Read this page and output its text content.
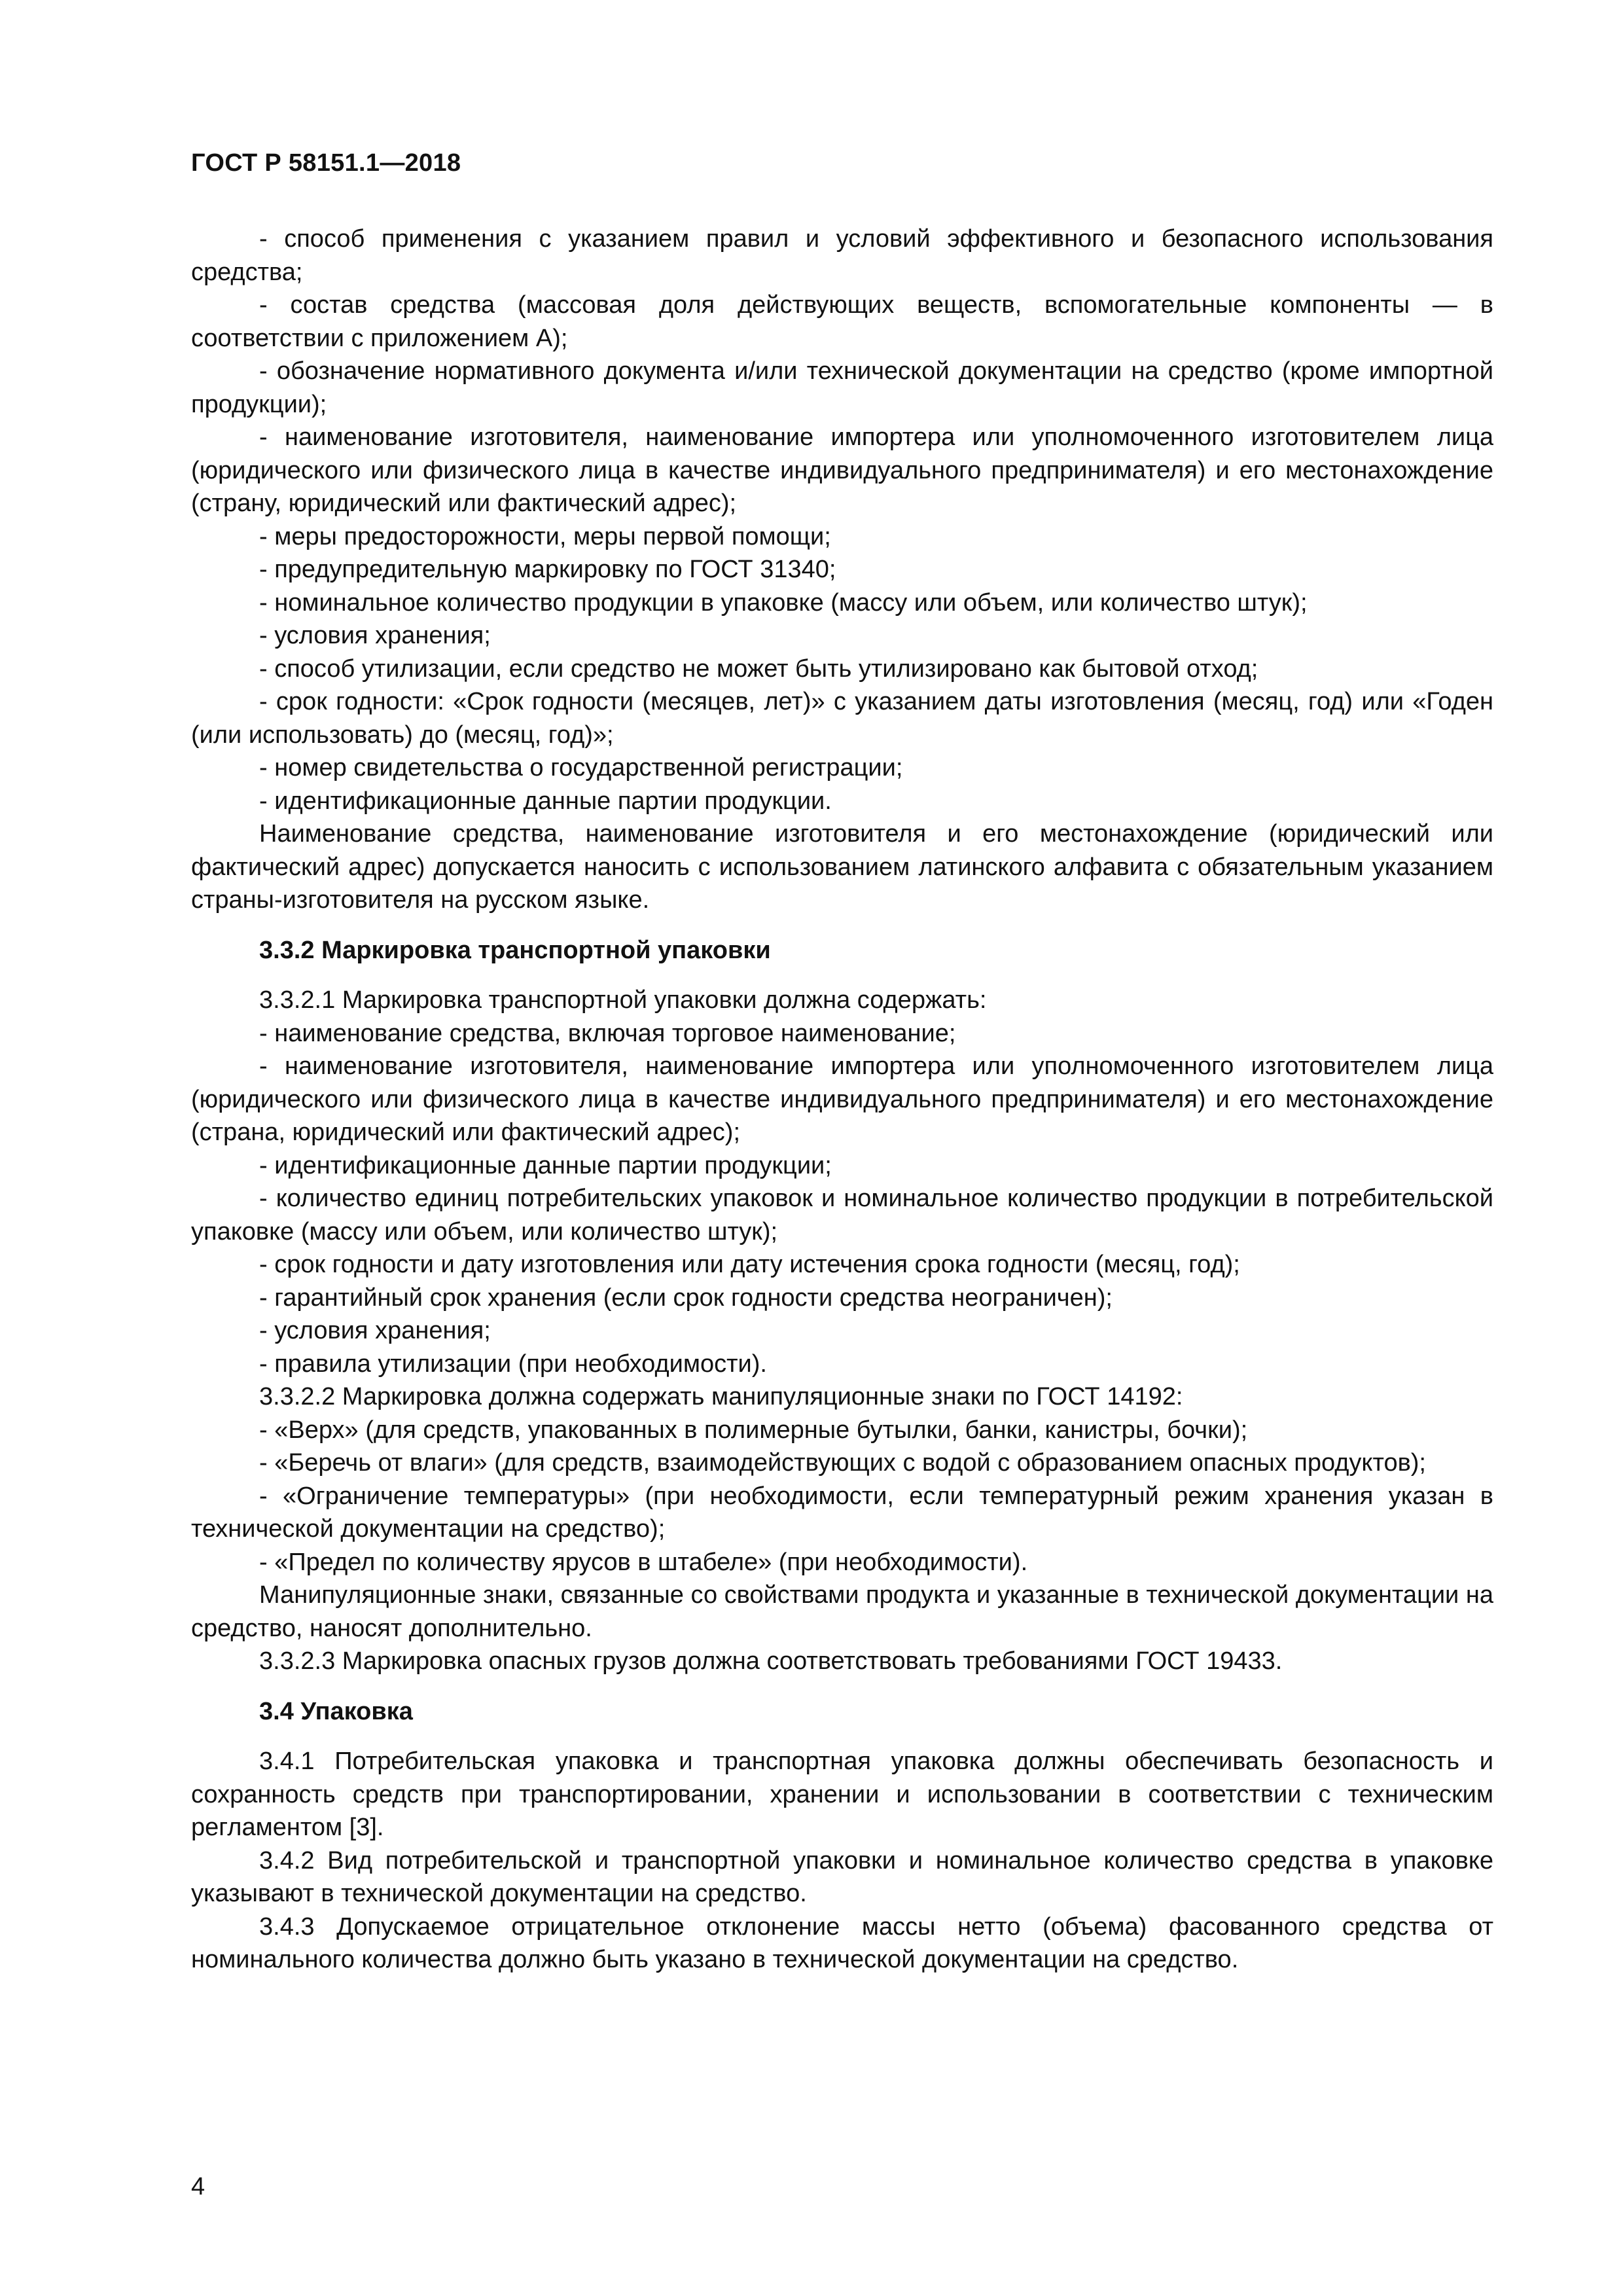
ГОСТ Р 58151.1—2018

- способ применения с указанием правил и условий эффективного и безопасного использования средства;

- состав средства (массовая доля действующих веществ, вспомогательные компоненты — в соответствии с приложением А);

- обозначение нормативного документа и/или технической документации на средство (кроме импортной продукции);

- наименование изготовителя, наименование импортера или уполномоченного изготовителем лица (юридического или физического лица в качестве индивидуального предпринимателя) и его местонахождение (страну, юридический или фактический адрес);

- меры предосторожности, меры первой помощи;

- предупредительную маркировку по ГОСТ 31340;

- номинальное количество продукции в упаковке (массу или объем, или количество штук);

- условия хранения;

- способ утилизации, если средство не может быть утилизировано как бытовой отход;

- срок годности: «Срок годности (месяцев, лет)» с указанием даты изготовления (месяц, год) или «Годен (или использовать) до (месяц, год)»;

- номер свидетельства о государственной регистрации;

- идентификационные данные партии продукции.

Наименование средства, наименование изготовителя и его местонахождение (юридический или фактический адрес) допускается наносить с использованием латинского алфавита с обязательным указанием страны-изготовителя на русском языке.

3.3.2 Маркировка транспортной упаковки

3.3.2.1 Маркировка транспортной упаковки должна содержать:

- наименование средства, включая торговое наименование;

- наименование изготовителя, наименование импортера или уполномоченного изготовителем лица (юридического или физического лица в качестве индивидуального предпринимателя) и его местонахождение (страна, юридический или фактический адрес);

- идентификационные данные партии продукции;

- количество единиц потребительских упаковок и номинальное количество продукции в потребительской упаковке (массу или объем, или количество штук);

- срок годности и дату изготовления или дату истечения срока годности (месяц, год);

- гарантийный срок хранения (если срок годности средства неограничен);

- условия хранения;

- правила утилизации (при необходимости).

3.3.2.2 Маркировка должна содержать манипуляционные знаки по ГОСТ 14192:

- «Верх» (для средств, упакованных в полимерные бутылки, банки, канистры, бочки);

- «Беречь от влаги» (для средств, взаимодействующих с водой с образованием опасных продуктов);

- «Ограничение температуры» (при необходимости, если температурный режим хранения указан в технической документации на средство);

- «Предел по количеству ярусов в штабеле» (при необходимости).

Манипуляционные знаки, связанные со свойствами продукта и указанные в технической документации на средство, наносят дополнительно.

3.3.2.3 Маркировка опасных грузов должна соответствовать требованиями ГОСТ 19433.

3.4 Упаковка

3.4.1 Потребительская упаковка и транспортная упаковка должны обеспечивать безопасность и сохранность средств при транспортировании, хранении и использовании в соответствии с техническим регламентом [3].

3.4.2 Вид потребительской и транспортной упаковки и номинальное количество средства в упаковке указывают в технической документации на средство.

3.4.3 Допускаемое отрицательное отклонение массы нетто (объема) фасованного средства от номинального количества должно быть указано в технической документации на средство.

4
